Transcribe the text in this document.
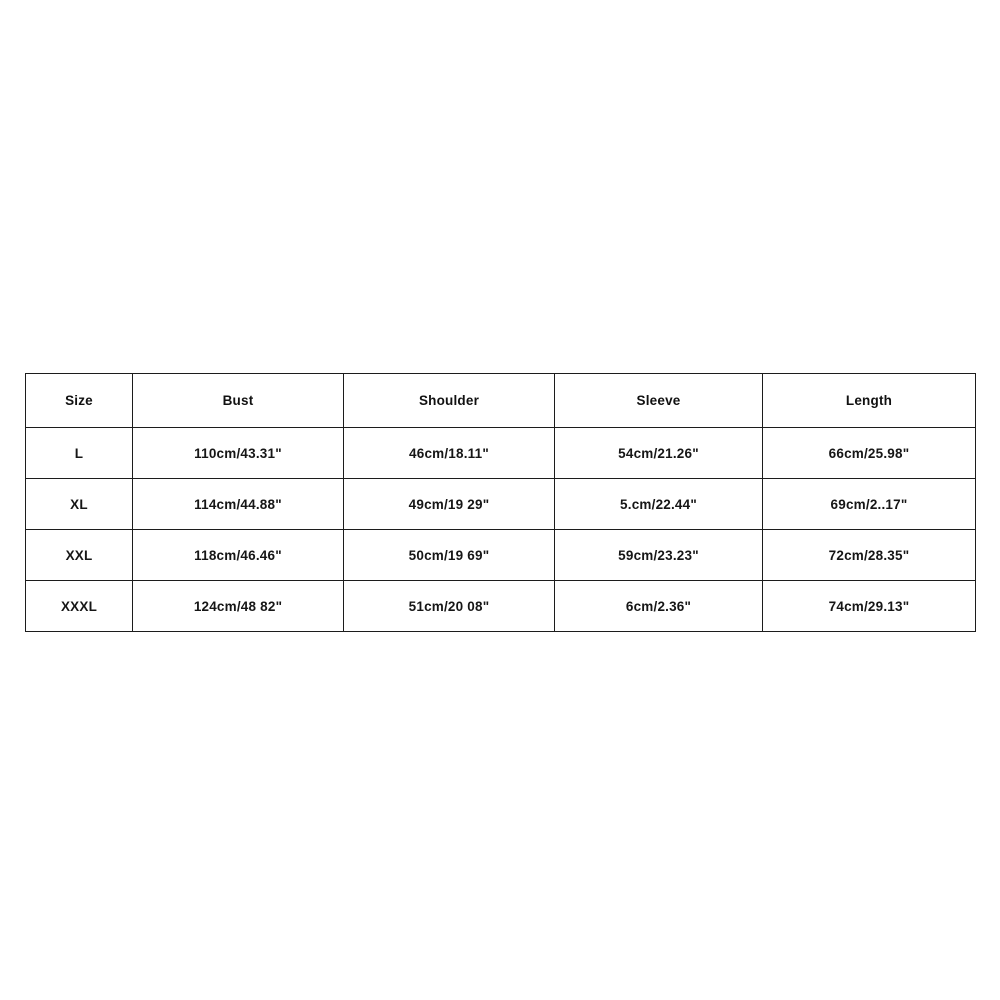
Size	Bust	Shoulder	Sleeve	Length
L	110cm/43.31"	46cm/18.11"	54cm/21.26"	66cm/25.98"
XL	114cm/44.88"	49cm/19 29"	5.cm/22.44"	69cm/2..17"
XXL	118cm/46.46"	50cm/19 69"	59cm/23.23"	72cm/28.35"
XXXL	124cm/48 82"	51cm/20 08"	6cm/2.36"	74cm/29.13"
